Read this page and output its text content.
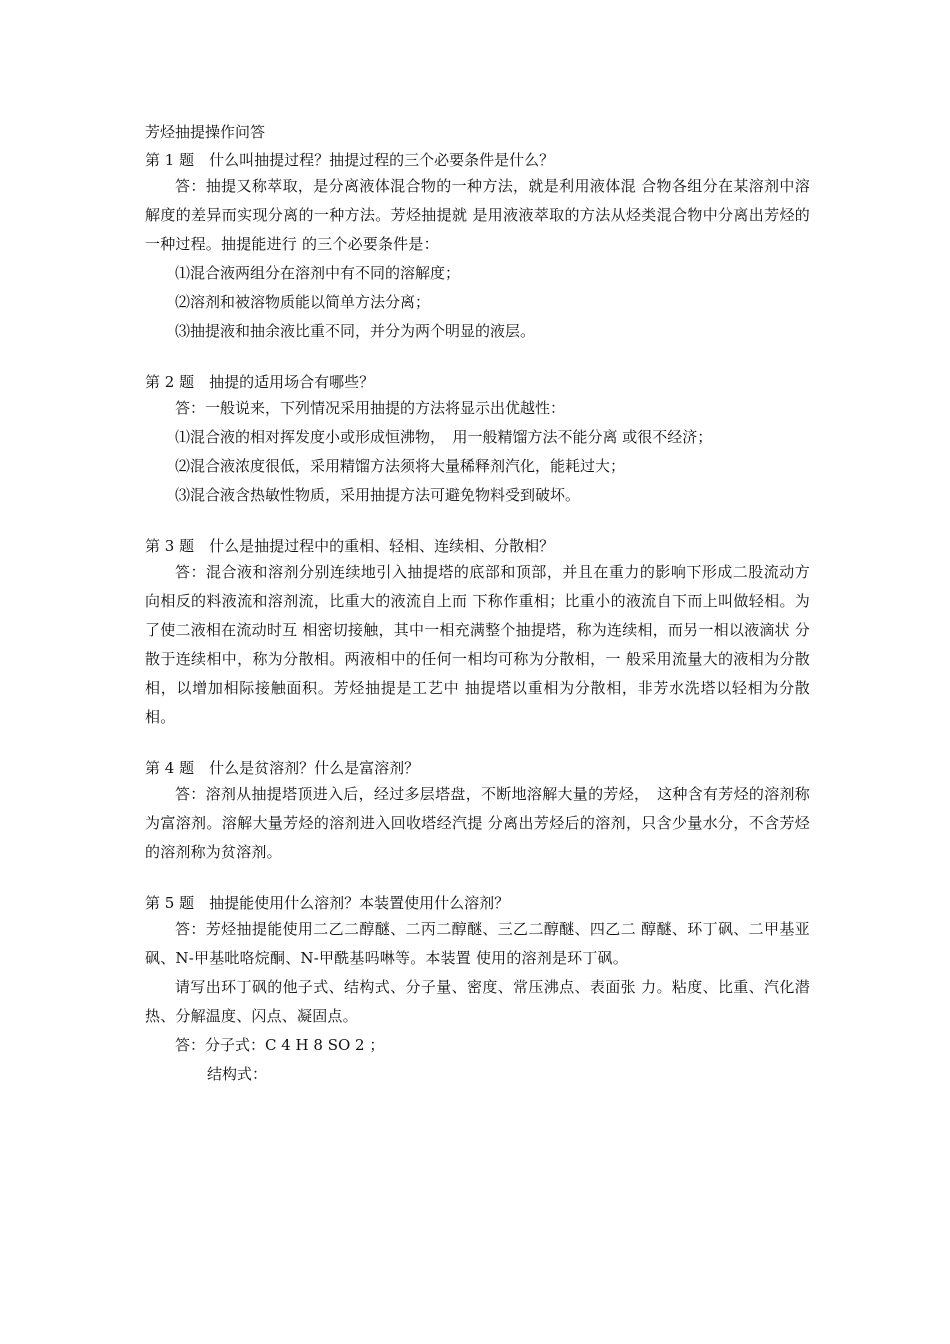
芳烃抽提操作问答
第 1 题　什么叫抽提过程？抽提过程的三个必要条件是什么？

答：抽提又称萃取，是分离液体混合物的一种方法，就是利用液体混 合物各组分在某溶剂中溶解度的差异而实现分离的一种方法。芳烃抽提就 是用液液萃取的方法从烃类混合物中分离出芳烃的一种过程。抽提能进行 的三个必要条件是：

⑴混合液两组分在溶剂中有不同的溶解度；
⑵溶剂和被溶物质能以简单方法分离；
⑶抽提液和抽余液比重不同，并分为两个明显的液层。
第 2 题　抽提的适用场合有哪些？
答：一般说来，下列情况采用抽提的方法将显示出优越性：
⑴混合液的相对挥发度小或形成恒沸物，　用一般精馏方法不能分离 或很不经济；
⑵混合液浓度很低，采用精馏方法须将大量稀释剂汽化，能耗过大；
⑶混合液含热敏性物质，采用抽提方法可避免物料受到破坏。
第 3 题　什么是抽提过程中的重相、轻相、连续相、分散相？

答：混合液和溶剂分别连续地引入抽提塔的底部和顶部，并且在重力的影响下形成二股流动方向相反的料液流和溶剂流，比重大的液流自上而 下称作重相；比重小的液流自下而上叫做轻相。为了使二液相在流动时互 相密切接触，其中一相充满整个抽提塔，称为连续相，而另一相以液滴状 分散于连续相中，称为分散相。两液相中的任何一相均可称为分散相，一 般采用流量大的液相为分散相，以增加相际接触面积。芳烃抽提是工艺中 抽提塔以重相为分散相，非芳水洗塔以轻相为分散相。

第 4 题　什么是贫溶剂？什么是富溶剂？

答：溶剂从抽提塔顶进入后，经过多层塔盘，不断地溶解大量的芳烃，　这种含有芳烃的溶剂称为富溶剂。溶解大量芳烃的溶剂进入回收塔经汽提 分离出芳烃后的溶剂，只含少量水分，不含芳烃的溶剂称为贫溶剂。

第 5 题　抽提能使用什么溶剂？本装置使用什么溶剂？

答：芳烃抽提能使用二乙二醇醚、二丙二醇醚、三乙二醇醚、四乙二 醇醚、环丁砜、二甲基亚砜、N-甲基吡咯烷酮、N-甲酰基吗啉等。本装置 使用的溶剂是环丁砜。

请写出环丁砜的他子式、结构式、分子量、密度、常压沸点、表面张 力。粘度、比重、汽化潜热、分解温度、闪点、凝固点。

答：分子式：C 4 H 8 SO 2 ；
结构式：
